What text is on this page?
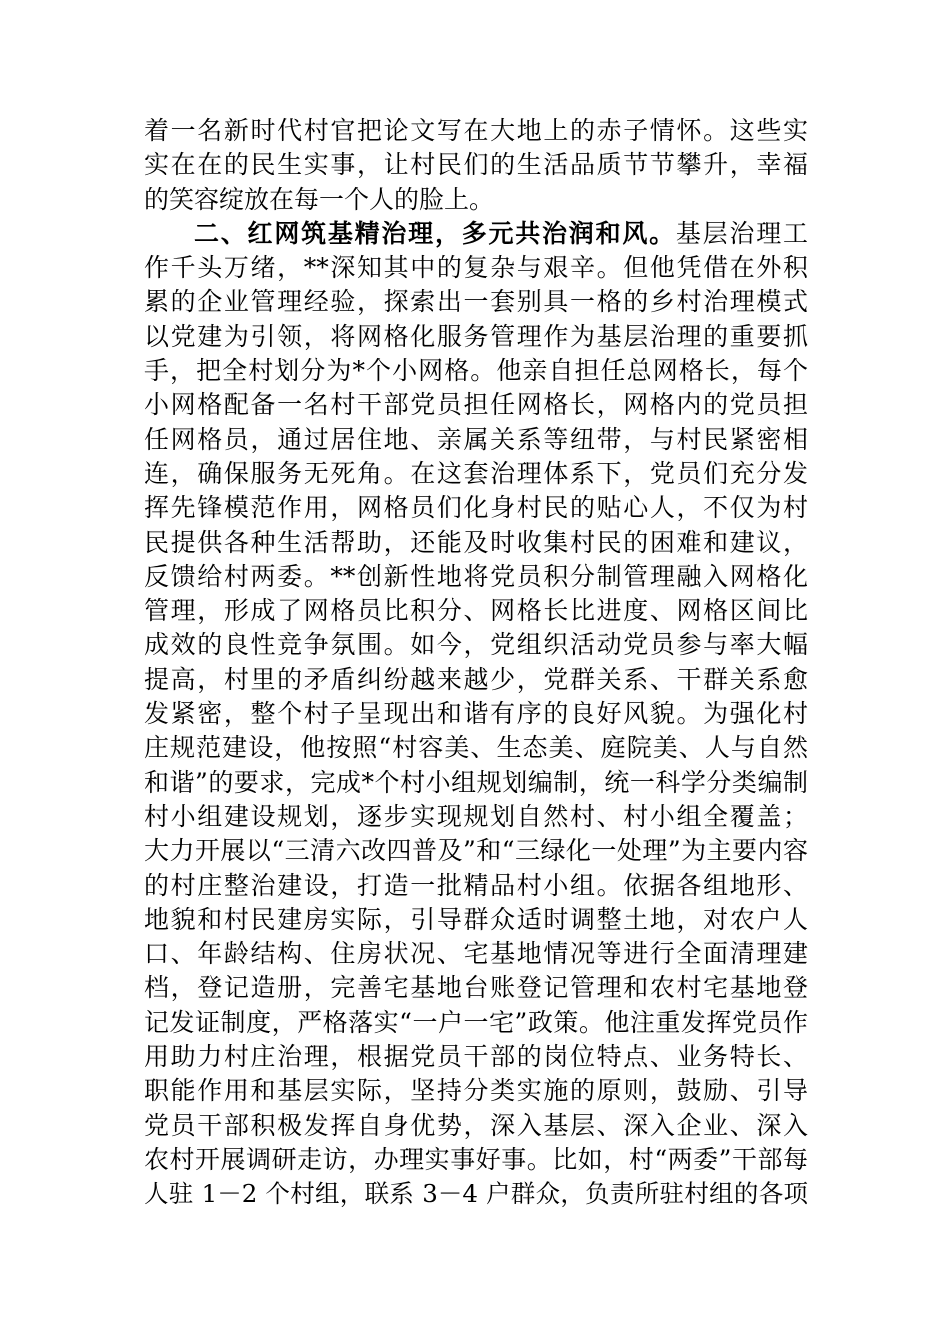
着一名新时代村官把论文写在大地上的赤子情怀。这些实
实在在的民生实事，让村民们的生活品质节节攀升，幸福
的笑容绽放在每一个人的脸上。
二、红网筑基精治理，多元共治润和风。基层治理工
作千头万绪，**深知其中的复杂与艰辛。但他凭借在外积
累的企业管理经验，探索出一套别具一格的乡村治理模式
以党建为引领，将网格化服务管理作为基层治理的重要抓
手，把全村划分为*个小网格。他亲自担任总网格长，每个
小网格配备一名村干部党员担任网格长，网格内的党员担
任网格员，通过居住地、亲属关系等纽带，与村民紧密相
连，确保服务无死角。在这套治理体系下，党员们充分发
挥先锋模范作用，网格员们化身村民的贴心人，不仅为村
民提供各种生活帮助，还能及时收集村民的困难和建议，
反馈给村两委。**创新性地将党员积分制管理融入网格化
管理，形成了网格员比积分、网格长比进度、网格区间比
成效的良性竞争氛围。如今，党组织活动党员参与率大幅
提高，村里的矛盾纠纷越来越少，党群关系、干群关系愈
发紧密，整个村子呈现出和谐有序的良好风貌。为强化村
庄规范建设，他按照“村容美、生态美、庭院美、人与自然
和谐”的要求，完成*个村小组规划编制，统一科学分类编制
村小组建设规划，逐步实现规划自然村、村小组全覆盖；
大力开展以“三清六改四普及”和“三绿化一处理”为主要内容
的村庄整治建设，打造一批精品村小组。依据各组地形、
地貌和村民建房实际，引导群众适时调整土地，对农户人
口、年龄结构、住房状况、宅基地情况等进行全面清理建
档，登记造册，完善宅基地台账登记管理和农村宅基地登
记发证制度，严格落实“一户一宅”政策。他注重发挥党员作
用助力村庄治理，根据党员干部的岗位特点、业务特长、
职能作用和基层实际，坚持分类实施的原则，鼓励、引导
党员干部积极发挥自身优势，深入基层、深入企业、深入
农村开展调研走访，办理实事好事。比如，村“两委”干部每
人驻 1－2 个村组，联系 3－4 户群众，负责所驻村组的各项
